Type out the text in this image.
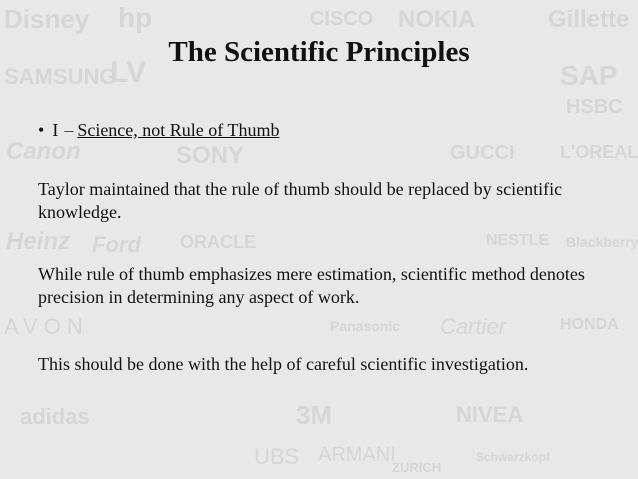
Disney hp	CISCO NOKIA	Gillette
SAMSUNG
LV	SAP
Canon	SONY
HSBC
GUCCI	L'OREAL
Heinz Ford ORACLE	NESTLE Blackberry
AVON	Panasonic Cartier	HONDA
adidas	3M	NIVEA
ARMANI
UBS	ZURICH
Schwarzkopf
The Scientific Principles
• I – Science, not Rule of Thumb
Taylor maintained that the rule of thumb should be replaced by scientific knowledge.
While rule of thumb emphasizes mere estimation, scientific method denotes precision in determining any aspect of work.
This should be done with the help of careful scientific investigation.
